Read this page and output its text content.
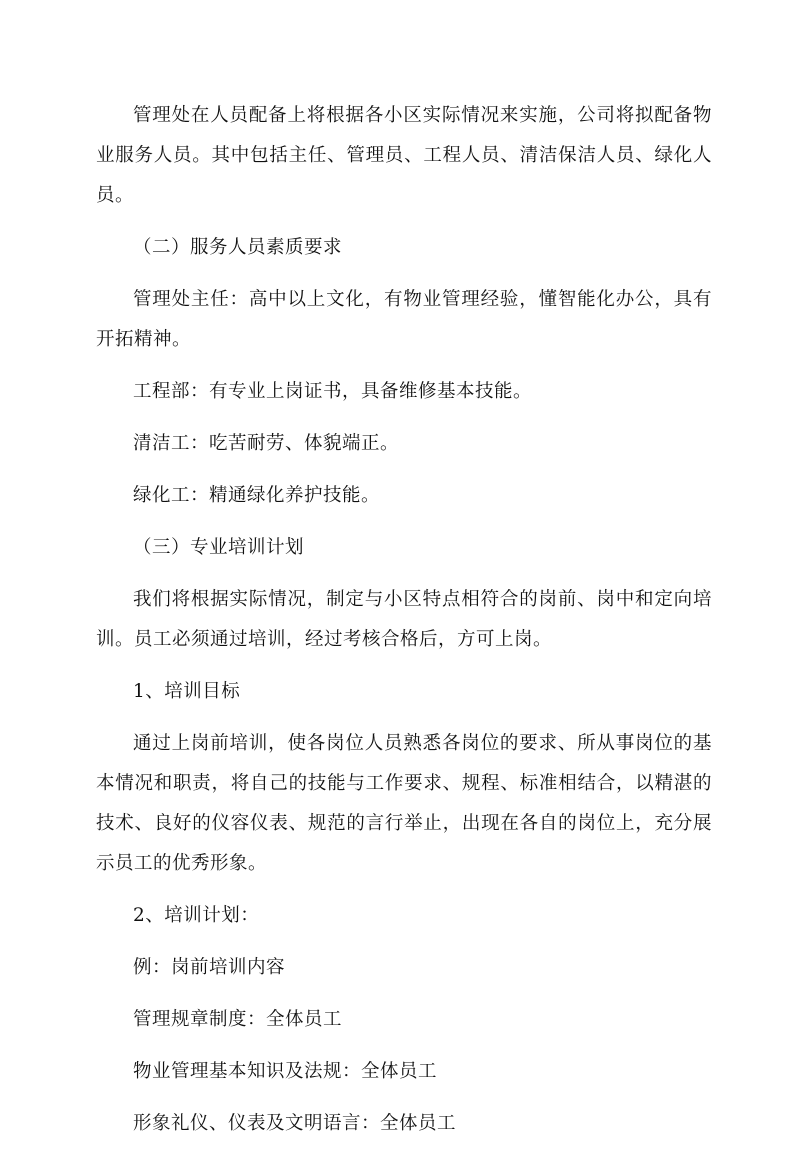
管理处在人员配备上将根据各小区实际情况来实施，公司将拟配备物业服务人员。其中包括主任、管理员、工程人员、清洁保洁人员、绿化人员。

（二）服务人员素质要求

管理处主任：高中以上文化，有物业管理经验，懂智能化办公，具有开拓精神。

工程部：有专业上岗证书，具备维修基本技能。

清洁工：吃苦耐劳、体貌端正。

绿化工：精通绿化养护技能。

（三）专业培训计划

我们将根据实际情况，制定与小区特点相符合的岗前、岗中和定向培训。员工必须通过培训，经过考核合格后，方可上岗。

1、培训目标

通过上岗前培训，使各岗位人员熟悉各岗位的要求、所从事岗位的基本情况和职责，将自己的技能与工作要求、规程、标准相结合，以精湛的技术、良好的仪容仪表、规范的言行举止，出现在各自的岗位上，充分展示员工的优秀形象。

2、培训计划：

例：岗前培训内容

管理规章制度：全体员工

物业管理基本知识及法规：全体员工

形象礼仪、仪表及文明语言：全体员工
